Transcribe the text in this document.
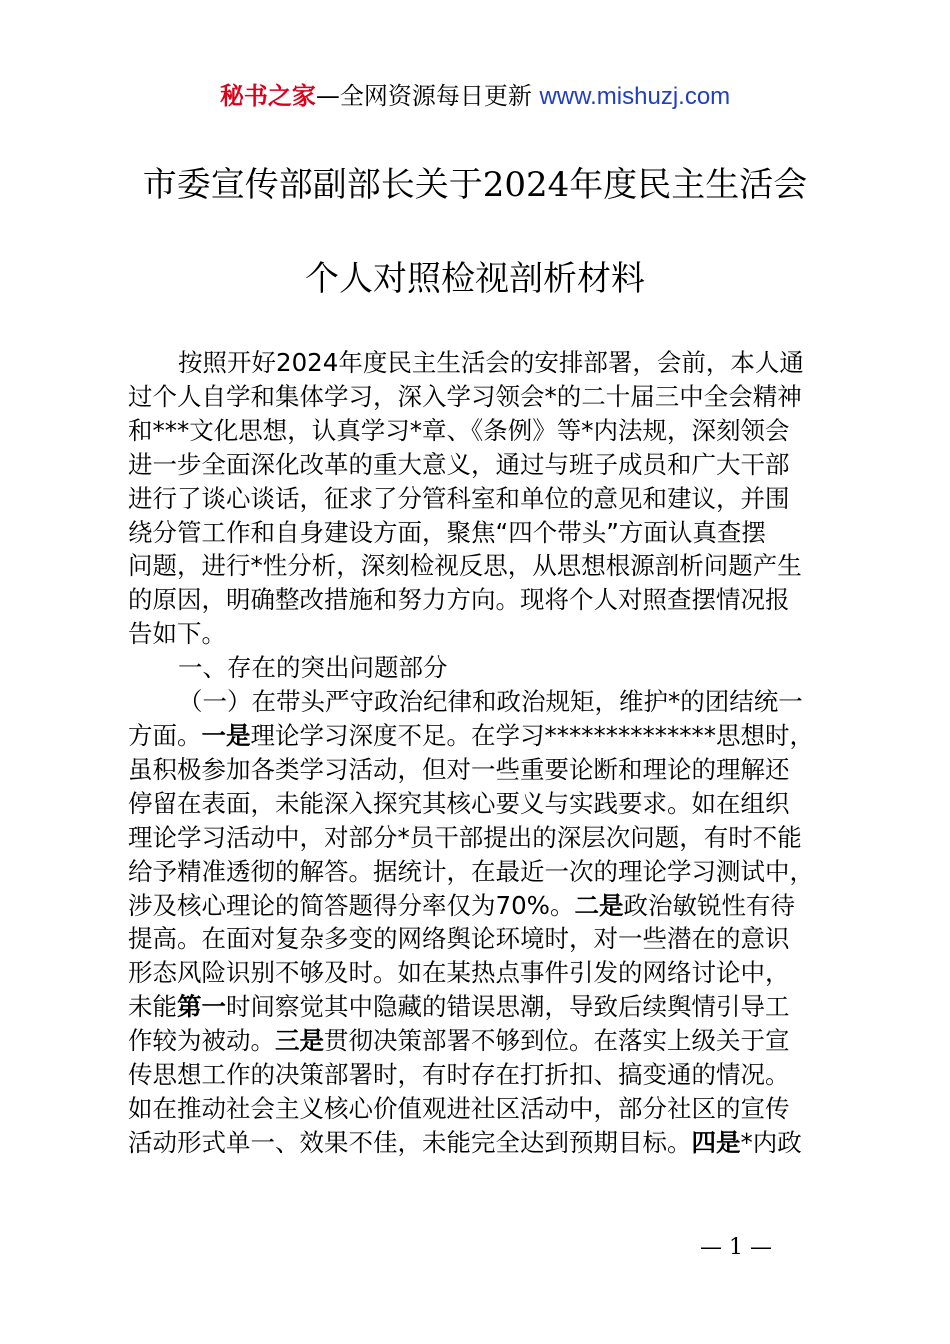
秘书之家—全网资源每日更新 www.mishuzj.com
市委宣传部副部长关于2024年度民主生活会
个人对照检视剖析材料

按照开好2024年度民主生活会的安排部署，会前，本人通

过个人自学和集体学习，深入学习领会*的二十届三中全会精神

和***文化思想，认真学习*章、《条例》等*内法规，深刻领会

进一步全面深化改革的重大意义，通过与班子成员和广大干部

进行了谈心谈话，征求了分管科室和单位的意见和建议，并围

绕分管工作和自身建设方面，聚焦“四个带头”方面认真查摆

问题，进行*性分析，深刻检视反思，从思想根源剖析问题产生

的原因，明确整改措施和努力方向。现将个人对照查摆情况报

告如下。

一、存在的突出问题部分

（一）在带头严守政治纪律和政治规矩，维护*的团结统一

方面。一是理论学习深度不足。在学习**************思想时，

虽积极参加各类学习活动，但对一些重要论断和理论的理解还

停留在表面，未能深入探究其核心要义与实践要求。如在组织

理论学习活动中，对部分*员干部提出的深层次问题，有时不能

给予精准透彻的解答。据统计，在最近一次的理论学习测试中，

涉及核心理论的简答题得分率仅为70%。二是政治敏锐性有待

提高。在面对复杂多变的网络舆论环境时，对一些潜在的意识

形态风险识别不够及时。如在某热点事件引发的网络讨论中，

未能第一时间察觉其中隐藏的错误思潮，导致后续舆情引导工

作较为被动。三是贯彻决策部署不够到位。在落实上级关于宣

传思想工作的决策部署时，有时存在打折扣、搞变通的情况。

如在推动社会主义核心价值观进社区活动中，部分社区的宣传

活动形式单一、效果不佳，未能完全达到预期目标。四是*内政

— 1 —
